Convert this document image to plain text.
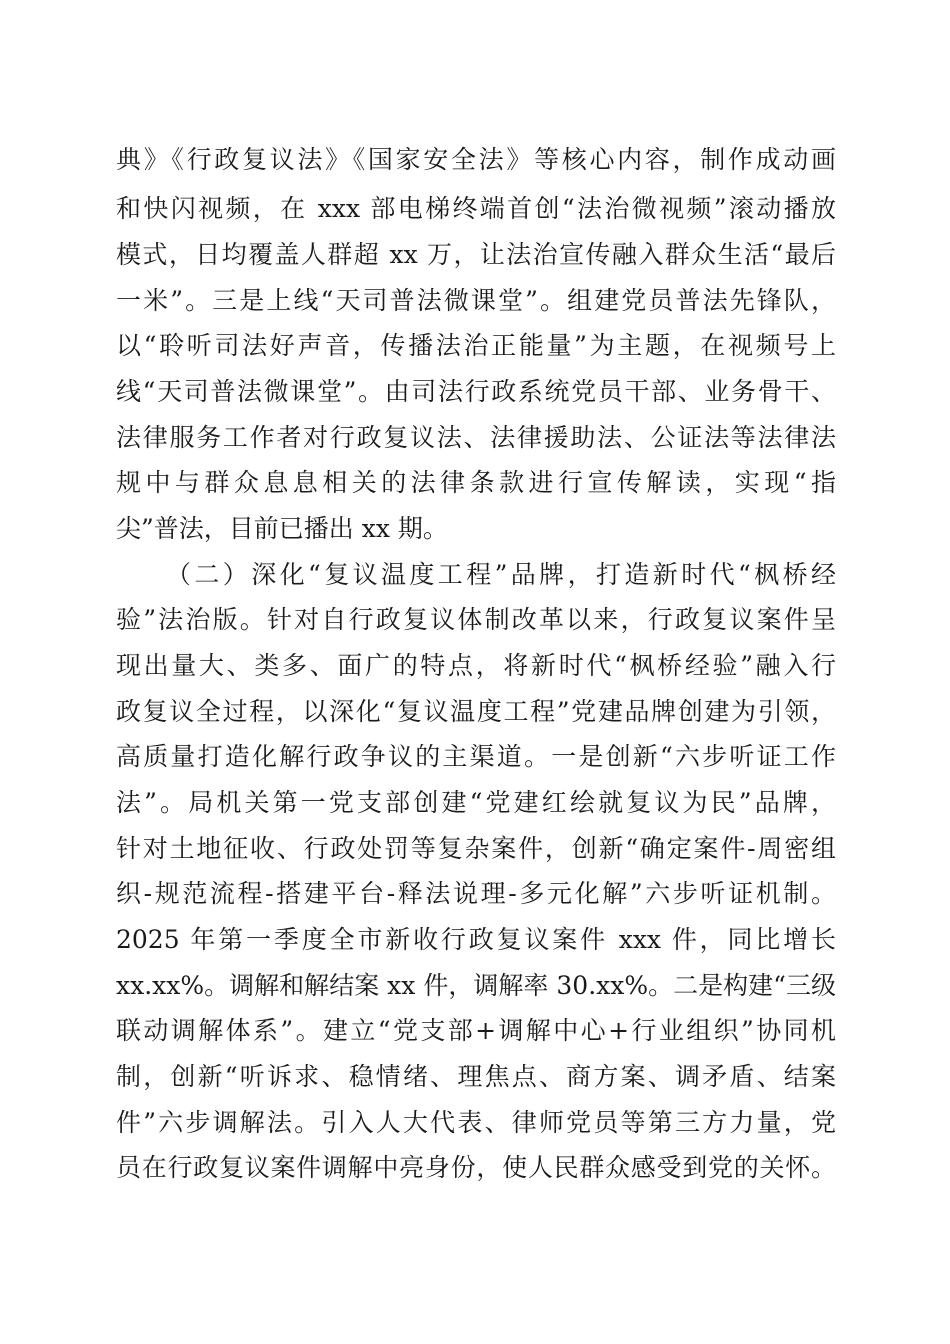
典》《行政复议法》《国家安全法》等核心内容，制作成动画
和快闪视频，在 xxx 部电梯终端首创“法治微视频”滚动播放
模式，日均覆盖人群超 xx 万，让法治宣传融入群众生活“最后
一米”。三是上线“天司普法微课堂”。组建党员普法先锋队，
以“聆听司法好声音，传播法治正能量”为主题，在视频号上
线“天司普法微课堂”。由司法行政系统党员干部、业务骨干、
法律服务工作者对行政复议法、法律援助法、公证法等法律法
规中与群众息息相关的法律条款进行宣传解读，实现“指
尖”普法，目前已播出 xx 期。
（二）深化“复议温度工程”品牌，打造新时代“枫桥经
验”法治版。针对自行政复议体制改革以来，行政复议案件呈
现出量大、类多、面广的特点，将新时代“枫桥经验”融入行
政复议全过程，以深化“复议温度工程”党建品牌创建为引领，
高质量打造化解行政争议的主渠道。一是创新“六步听证工作
法”。局机关第一党支部创建“党建红绘就复议为民”品牌，
针对土地征收、行政处罚等复杂案件，创新“确定案件-周密组
织-规范流程-搭建平台-释法说理-多元化解”六步听证机制。
2025 年第一季度全市新收行政复议案件 xxx 件，同比增长
xx.xx%。调解和解结案 xx 件，调解率 30.xx%。二是构建“三级
联动调解体系”。建立“党支部+调解中心+行业组织”协同机
制，创新“听诉求、稳情绪、理焦点、商方案、调矛盾、结案
件”六步调解法。引入人大代表、律师党员等第三方力量，党
员在行政复议案件调解中亮身份，使人民群众感受到党的关怀。
